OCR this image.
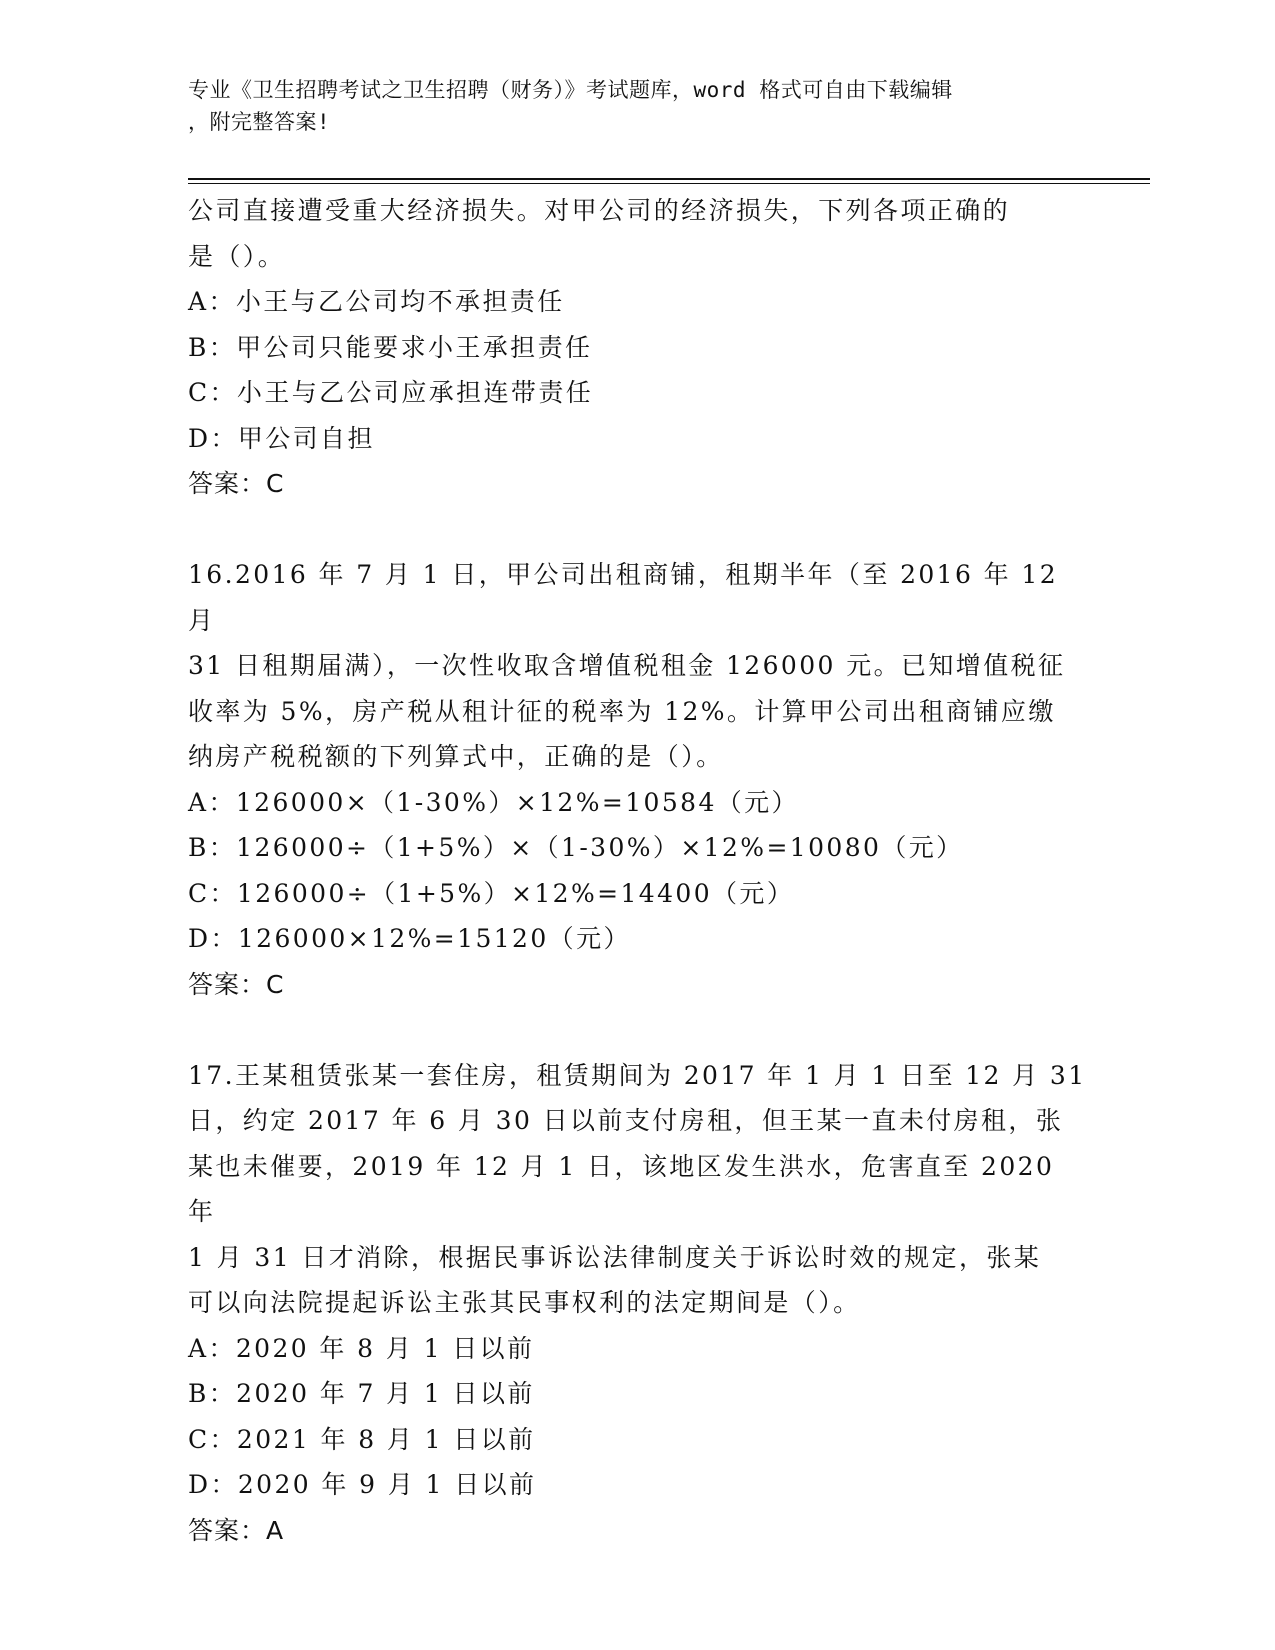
专业《卫生招聘考试之卫生招聘（财务）》考试题库，word 格式可自由下载编辑
，附完整答案!

公司直接遭受重大经济损失。对甲公司的经济损失，下列各项正确的

是（）。

A：小王与乙公司均不承担责任

B：甲公司只能要求小王承担责任

C：小王与乙公司应承担连带责任

D：甲公司自担

答案：C

16.2016 年 7 月 1 日，甲公司出租商铺，租期半年（至 2016 年 12 月

31 日租期届满），一次性收取含增值税租金 126000 元。已知增值税征

收率为 5%，房产税从租计征的税率为 12%。计算甲公司出租商铺应缴

纳房产税税额的下列算式中，正确的是（）。

A：126000×（1-30%）×12%=10584（元）

B：126000÷（1+5%）×（1-30%）×12%=10080（元）

C：126000÷（1+5%）×12%=14400（元）

D：126000×12%=15120（元）

答案：C

17.王某租赁张某一套住房，租赁期间为 2017 年 1 月 1 日至 12 月 31

日，约定 2017 年 6 月 30 日以前支付房租，但王某一直未付房租，张

某也未催要，2019 年 12 月 1 日，该地区发生洪水，危害直至 2020 年

1 月 31 日才消除，根据民事诉讼法律制度关于诉讼时效的规定，张某

可以向法院提起诉讼主张其民事权利的法定期间是（）。

A：2020 年 8 月 1 日以前

B：2020 年 7 月 1 日以前

C：2021 年 8 月 1 日以前

D：2020 年 9 月 1 日以前

答案：A
